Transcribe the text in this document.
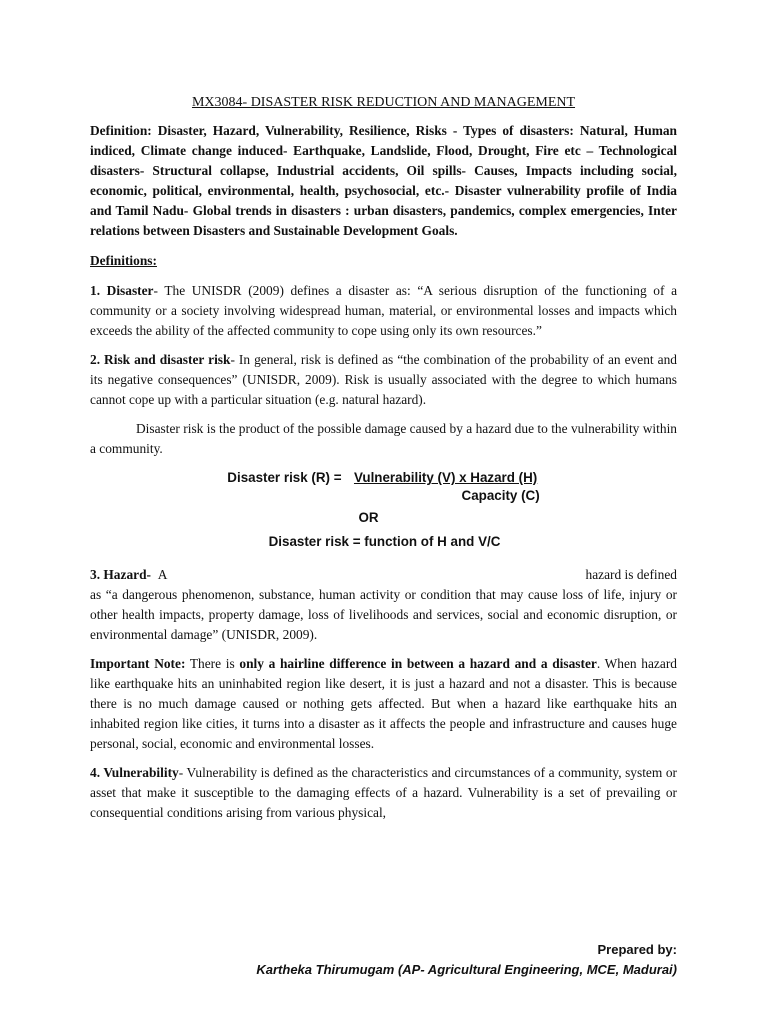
MX3084- DISASTER RISK REDUCTION AND MANAGEMENT
Definition: Disaster, Hazard, Vulnerability, Resilience, Risks - Types of disasters: Natural, Human indiced, Climate change induced- Earthquake, Landslide, Flood, Drought, Fire etc – Technological disasters- Structural collapse, Industrial accidents, Oil spills- Causes, Impacts including social, economic, political, environmental, health, psychosocial, etc.- Disaster vulnerability profile of India and Tamil Nadu- Global trends in disasters : urban disasters, pandemics, complex emergencies, Inter relations between Disasters and Sustainable Development Goals.
Definitions:
1. Disaster- The UNISDR (2009) defines a disaster as: “A serious disruption of the functioning of a community or a society involving widespread human, material, or environmental losses and impacts which exceeds the ability of the affected community to cope using only its own resources.”
2. Risk and disaster risk- In general, risk is defined as “the combination of the probability of an event and its negative consequences” (UNISDR, 2009). Risk is usually associated with the degree to which humans cannot cope up with a particular situation (e.g. natural hazard).
Disaster risk is the product of the possible damage caused by a hazard due to the vulnerability within a community.
Disaster risk $(R) = \frac{\text{Vulnerability (V) x Hazard (H)}}{\text{Capacity (C)}}$
OR
Disaster risk = function of H and V/C
3. Hazard- A	hazard is defined
as “a dangerous phenomenon, substance, human activity or condition that may cause loss of life, injury or other health impacts, property damage, loss of livelihoods and services, social and economic disruption, or environmental damage” (UNISDR, 2009).
Important Note: There is only a hairline difference in between a hazard and a disaster. When hazard like earthquake hits an uninhabited region like desert, it is just a hazard and not a disaster. This is because there is no much damage caused or nothing gets affected. But when a hazard like earthquake hits an inhabited region like cities, it turns into a disaster as it affects the people and infrastructure and causes huge personal, social, economic and environmental losses.
4. Vulnerability- Vulnerability is defined as the characteristics and circumstances of a community, system or asset that make it susceptible to the damaging effects of a hazard. Vulnerability is a set of prevailing or consequential conditions arising from various physical,
Prepared by:
Kartheka Thirumugam (AP- Agricultural Engineering, MCE, Madurai)
